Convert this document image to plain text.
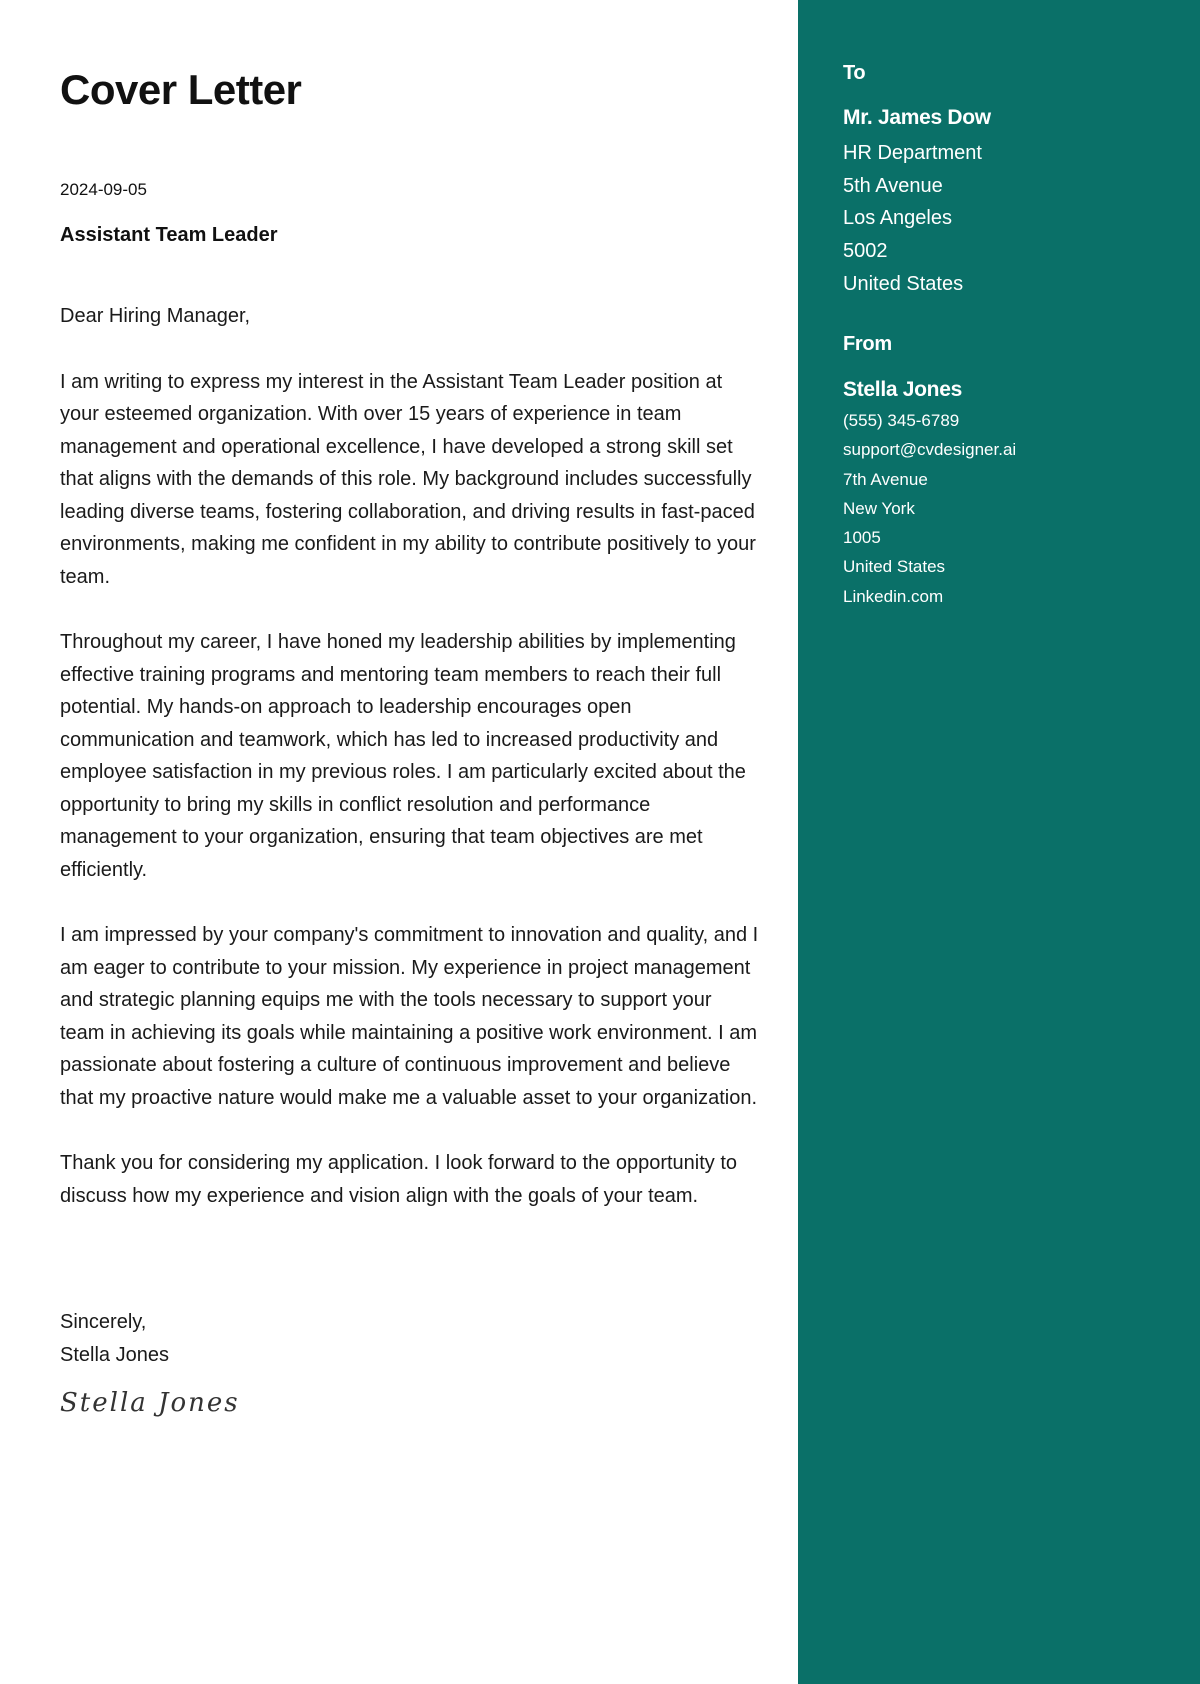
Cover Letter
2024-09-05
Assistant Team Leader

Dear Hiring Manager,

I am writing to express my interest in the Assistant Team Leader position at your esteemed organization. With over 15 years of experience in team management and operational excellence, I have developed a strong skill set that aligns with the demands of this role. My background includes successfully leading diverse teams, fostering collaboration, and driving results in fast-paced environments, making me confident in my ability to contribute positively to your team.

Throughout my career, I have honed my leadership abilities by implementing effective training programs and mentoring team members to reach their full potential. My hands-on approach to leadership encourages open communication and teamwork, which has led to increased productivity and employee satisfaction in my previous roles. I am particularly excited about the opportunity to bring my skills in conflict resolution and performance management to your organization, ensuring that team objectives are met efficiently.

I am impressed by your company's commitment to innovation and quality, and I am eager to contribute to your mission. My experience in project management and strategic planning equips me with the tools necessary to support your team in achieving its goals while maintaining a positive work environment. I am passionate about fostering a culture of continuous improvement and believe that my proactive nature would make me a valuable asset to your organization.

Thank you for considering my application. I look forward to the opportunity to discuss how my experience and vision align with the goals of your team.

Sincerely,
Stella Jones
Stella Jones
To
Mr. James Dow
HR Department
5th Avenue
Los Angeles
5002
United States
From
Stella Jones
(555) 345-6789
support@cvdesigner.ai
7th Avenue
New York
1005
United States
Linkedin.com
